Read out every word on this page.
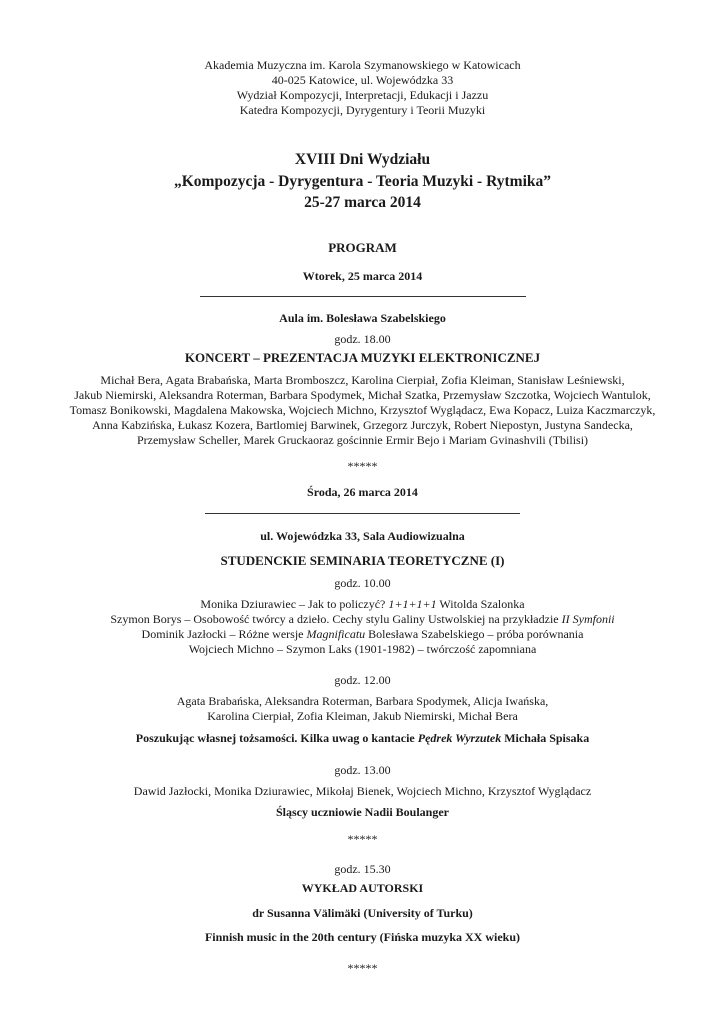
Akademia Muzyczna im. Karola Szymanowskiego w Katowicach
40-025 Katowice, ul. Wojewódzka 33
Wydział Kompozycji, Interpretacji, Edukacji i Jazzu
Katedra Kompozycji, Dyrygentury i Teorii Muzyki
XVIII Dni Wydziału
„Kompozycja - Dyrygentura - Teoria Muzyki - Rytmika”
25-27 marca 2014
PROGRAM
Wtorek, 25 marca 2014
Aula im. Bolesława Szabelskiego
godz. 18.00
KONCERT – PREZENTACJA MUZYKI ELEKTRONICZNEJ
Michał Bera, Agata Brabańska, Marta Bromboszcz, Karolina Cierpiał, Zofia Kleiman, Stanisław Leśniewski,
Jakub Niemirski, Aleksandra Roterman, Barbara Spodymek, Michał Szatka, Przemysław Szczotka, Wojciech Wantulok,
Tomasz Bonikowski, Magdalena Makowska, Wojciech Michno, Krzysztof Wyglądacz, Ewa Kopacz, Luiza Kaczmarczyk,
Anna Kabzińska, Łukasz Kozera, Bartlomiej Barwinek, Grzegorz Jurczyk, Robert Niepostyn, Justyna Sandecka,
Przemysław Scheller, Marek Gruckaoraz gościnnie Ermir Bejo i Mariam Gvinashvili (Tbilisi)
*****
Środa, 26 marca 2014
ul. Wojewódzka 33, Sala Audiowizualna
STUDENCKIE SEMINARIA TEORETYCZNE (I)
godz. 10.00
Monika Dziurawiec – Jak to policzyć? 1+1+1+1 Witolda Szalonka
Szymon Borys – Osobowość twórcy a dzieło. Cechy stylu Galiny Ustwolskiej na przykładzie II Symfonii
Dominik Jazłocki – Różne wersje Magnificatu Bolesława Szabelskiego – próba porównania
Wojciech Michno – Szymon Laks (1901-1982) – twórczość zapomniana
godz. 12.00
Agata Brabańska, Aleksandra Roterman, Barbara Spodymek, Alicja Iwańska,
Karolina Cierpiał, Zofia Kleiman, Jakub Niemirski, Michał Bera
Poszukując własnej tożsamości. Kilka uwag o kantacie Pędrek Wyrzutek Michała Spisaka
godz. 13.00
Dawid Jazłocki, Monika Dziurawiec, Mikołaj Bienek, Wojciech Michno, Krzysztof Wyglądacz
Śląscy uczniowie Nadii Boulanger
*****
godz. 15.30
WYKŁAD AUTORSKI
dr Susanna Välimäki (University of Turku)
Finnish music in the 20th century (Fińska muzyka XX wieku)
*****
